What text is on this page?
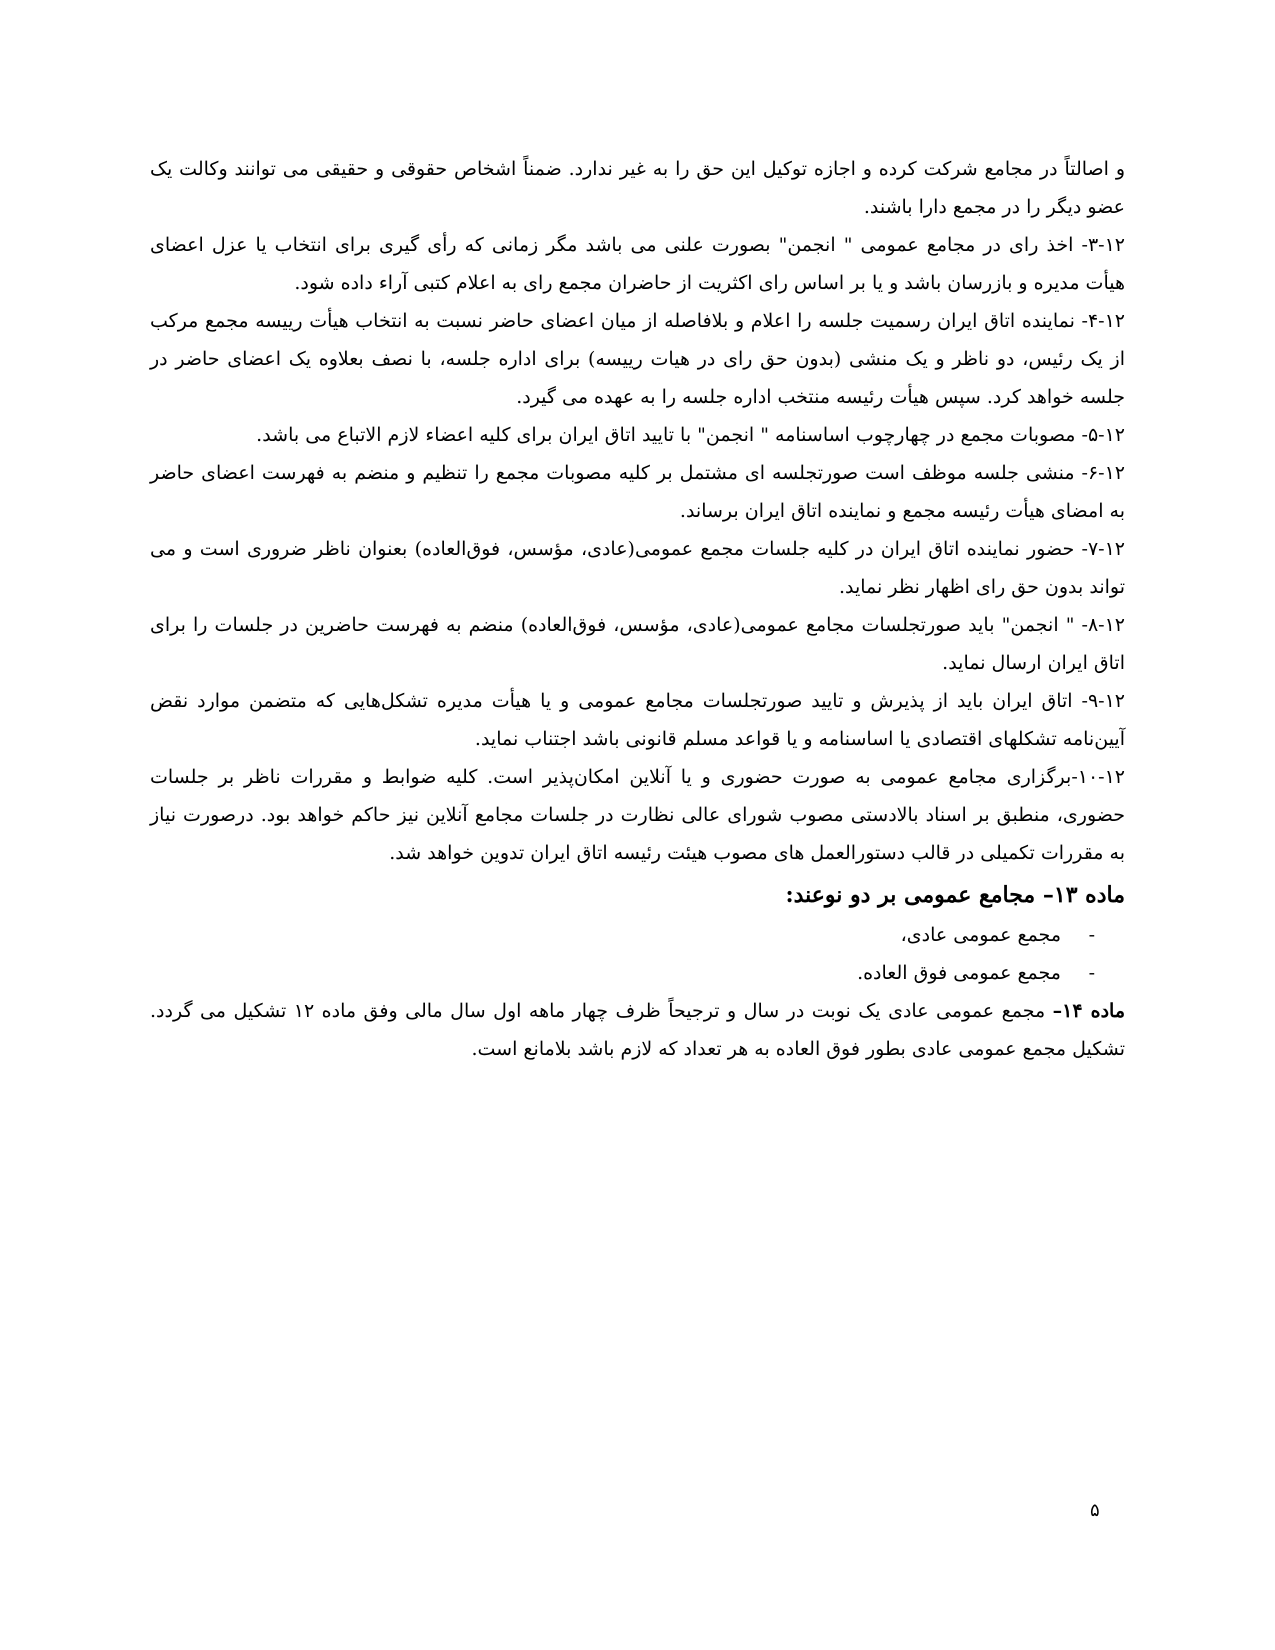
و اصالتاً در مجامع شرکت کرده و اجازه توکیل این حق را به غیر ندارد. ضمناً اشخاص حقوقی و حقیقی می توانند وکالت یک عضو دیگر را در مجمع دارا باشند.

۳-۱۲- اخذ رای در مجامع عمومی " انجمن" بصورت علنی می باشد مگر زمانی که رأی گیری برای انتخاب یا عزل اعضای هیأت مدیره و بازرسان باشد و یا بر اساس رای اکثریت از حاضران مجمع رای به اعلام کتبی آراء داده شود.

۴-۱۲- نماینده اتاق ایران رسمیت جلسه را اعلام و بلافاصله از میان اعضای حاضر نسبت به انتخاب هیأت رییسه مجمع مرکب از یک رئیس، دو ناظر و یک منشی (بدون حق رای در هیات رییسه) برای اداره جلسه، با نصف بعلاوه یک اعضای حاضر در جلسه خواهد کرد. سپس هیأت رئیسه منتخب اداره جلسه را به عهده می گیرد.

۵-۱۲- مصوبات مجمع در چهارچوب اساسنامه " انجمن" با تایید اتاق ایران برای کلیه اعضاء لازم الاتباع می باشد.

۶-۱۲- منشی جلسه موظف است صورتجلسه ای مشتمل بر کلیه مصوبات مجمع را تنظیم و منضم به فهرست اعضای حاضر به امضای هیأت رئیسه مجمع و نماینده اتاق ایران برساند.

۷-۱۲- حضور نماینده اتاق ایران در کلیه جلسات مجمع عمومی(عادی، مؤسس، فوق‌العاده) بعنوان ناظر ضروری است و می تواند بدون حق رای اظهار نظر نماید.

۸-۱۲- " انجمن" باید صورتجلسات مجامع عمومی(عادی، مؤسس، فوق‌العاده) منضم به فهرست حاضرین در جلسات را برای اتاق ایران ارسال نماید.

۹-۱۲- اتاق ایران باید از پذیرش و تایید صورتجلسات مجامع عمومی و یا هیأت مدیره تشکل‌هایی که متضمن موارد نقض آیین‌نامه تشکلهای اقتصادی یا اساسنامه و یا قواعد مسلم قانونی باشد اجتناب نماید.

۱۰-۱۲-برگزاری مجامع عمومی به صورت حضوری و یا آنلاین امکان‌پذیر است. کلیه ضوابط و مقررات ناظر بر جلسات حضوری، منطبق بر اسناد بالادستی مصوب شورای عالی نظارت در جلسات مجامع آنلاین نیز حاکم خواهد بود. درصورت نیاز به مقررات تکمیلی در قالب دستورالعمل های مصوب هیئت رئیسه اتاق ایران تدوین خواهد شد.

ماده ۱۳– مجامع عمومی بر دو نوعند:
-مجمع عمومی عادی،
-مجمع عمومی فوق العاده.

ماده ۱۴– مجمع عمومی عادی یک نوبت در سال و ترجیحاً ظرف چهار ماهه اول سال مالی وفق ماده ۱۲ تشکیل می گردد. تشکیل مجمع عمومی عادی بطور فوق العاده به هر تعداد که لازم باشد بلامانع است.

۵
